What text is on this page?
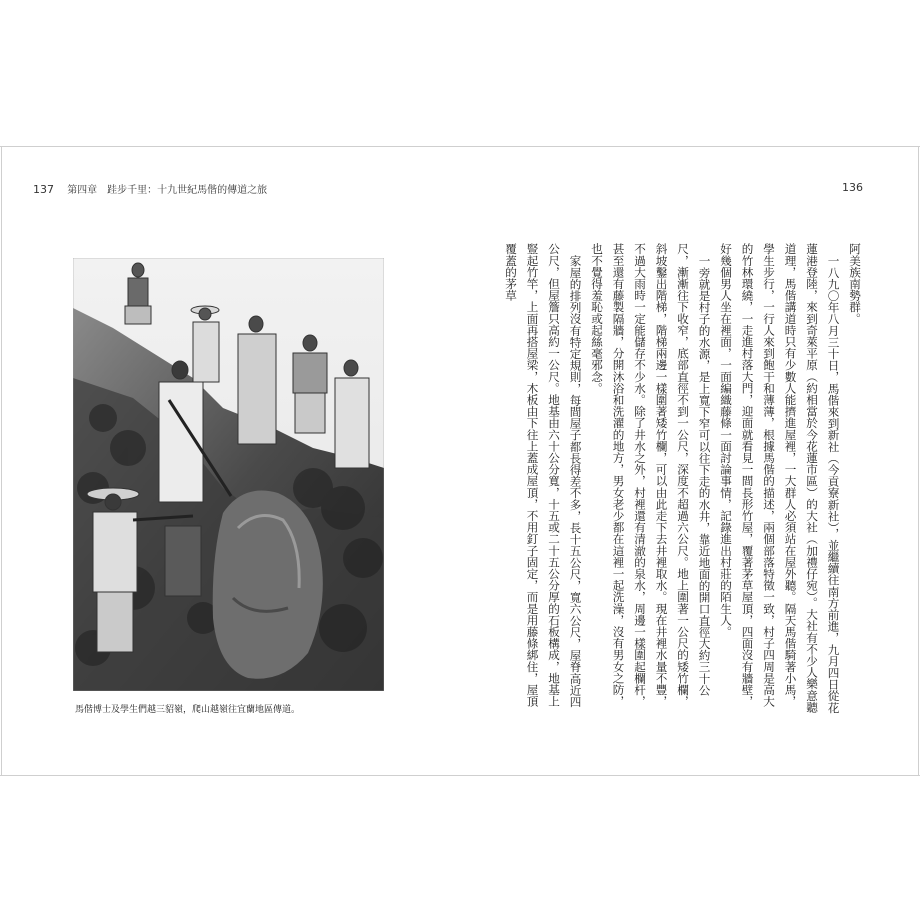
137 第四章　跬步千里：十九世紀馬偕的傳道之旅
馬偕博士及學生們越三貂嶺，爬山越嶺往宜蘭地區傳道。
136

阿美族南勢群。

一八九〇年八月三十日，馬偕來到新社（今貢寮新社），並繼續往南方前進，九月四日從花蓮港登陸，來到奇萊平原（約相當於今花蓮市區）的大社（加禮仔宛）。大社有不少人樂意聽道理，馬偕講道時只有少數人能擠進屋裡，一大群人必須站在屋外聽。隔天馬偕騎著小馬，學生步行，一行人來到飽干和薄薄，根據馬偕的描述，兩個部落特徵一致，村子四周是高大的竹林環繞，一走進村落大門，迎面就看見一間長形竹屋，覆著茅草屋頂，四面沒有牆壁，好幾個男人坐在裡面，一面編織藤條一面討論事情，記錄進出村莊的陌生人。

一旁就是村子的水源，是上寬下窄可以往下走的水井，靠近地面的開口直徑大約三十公尺，漸漸往下收窄，底部直徑不到一公尺，深度不超過六公尺。地上圍著一公尺的矮竹欄，斜坡鑿出階梯，階梯兩邊一樣圍著矮竹欄，可以由此走下去井裡取水。現在井裡水量不豐，不過大雨時一定能儲存不少水。除了井水之外，村裡還有清澈的泉水，周邊一樣圍起欄杆，甚至還有藤製隔牆，分開沐浴和洗濯的地方，男女老少都在這裡一起洗澡，沒有男女之防，也不覺得羞恥或起絲毫邪念。

家屋的排列沒有特定規則，每間屋子都長得差不多，長十五公尺，寬六公尺，屋脊高近四公尺，但屋簷只高約一公尺。地基由六十公分寬，十五或二十五公分厚的石板構成，地基上豎起竹竿，上面再搭屋梁，木板由下往上蓋成屋頂，不用釘子固定，而是用藤條綁住，屋頂覆蓋的茅草
